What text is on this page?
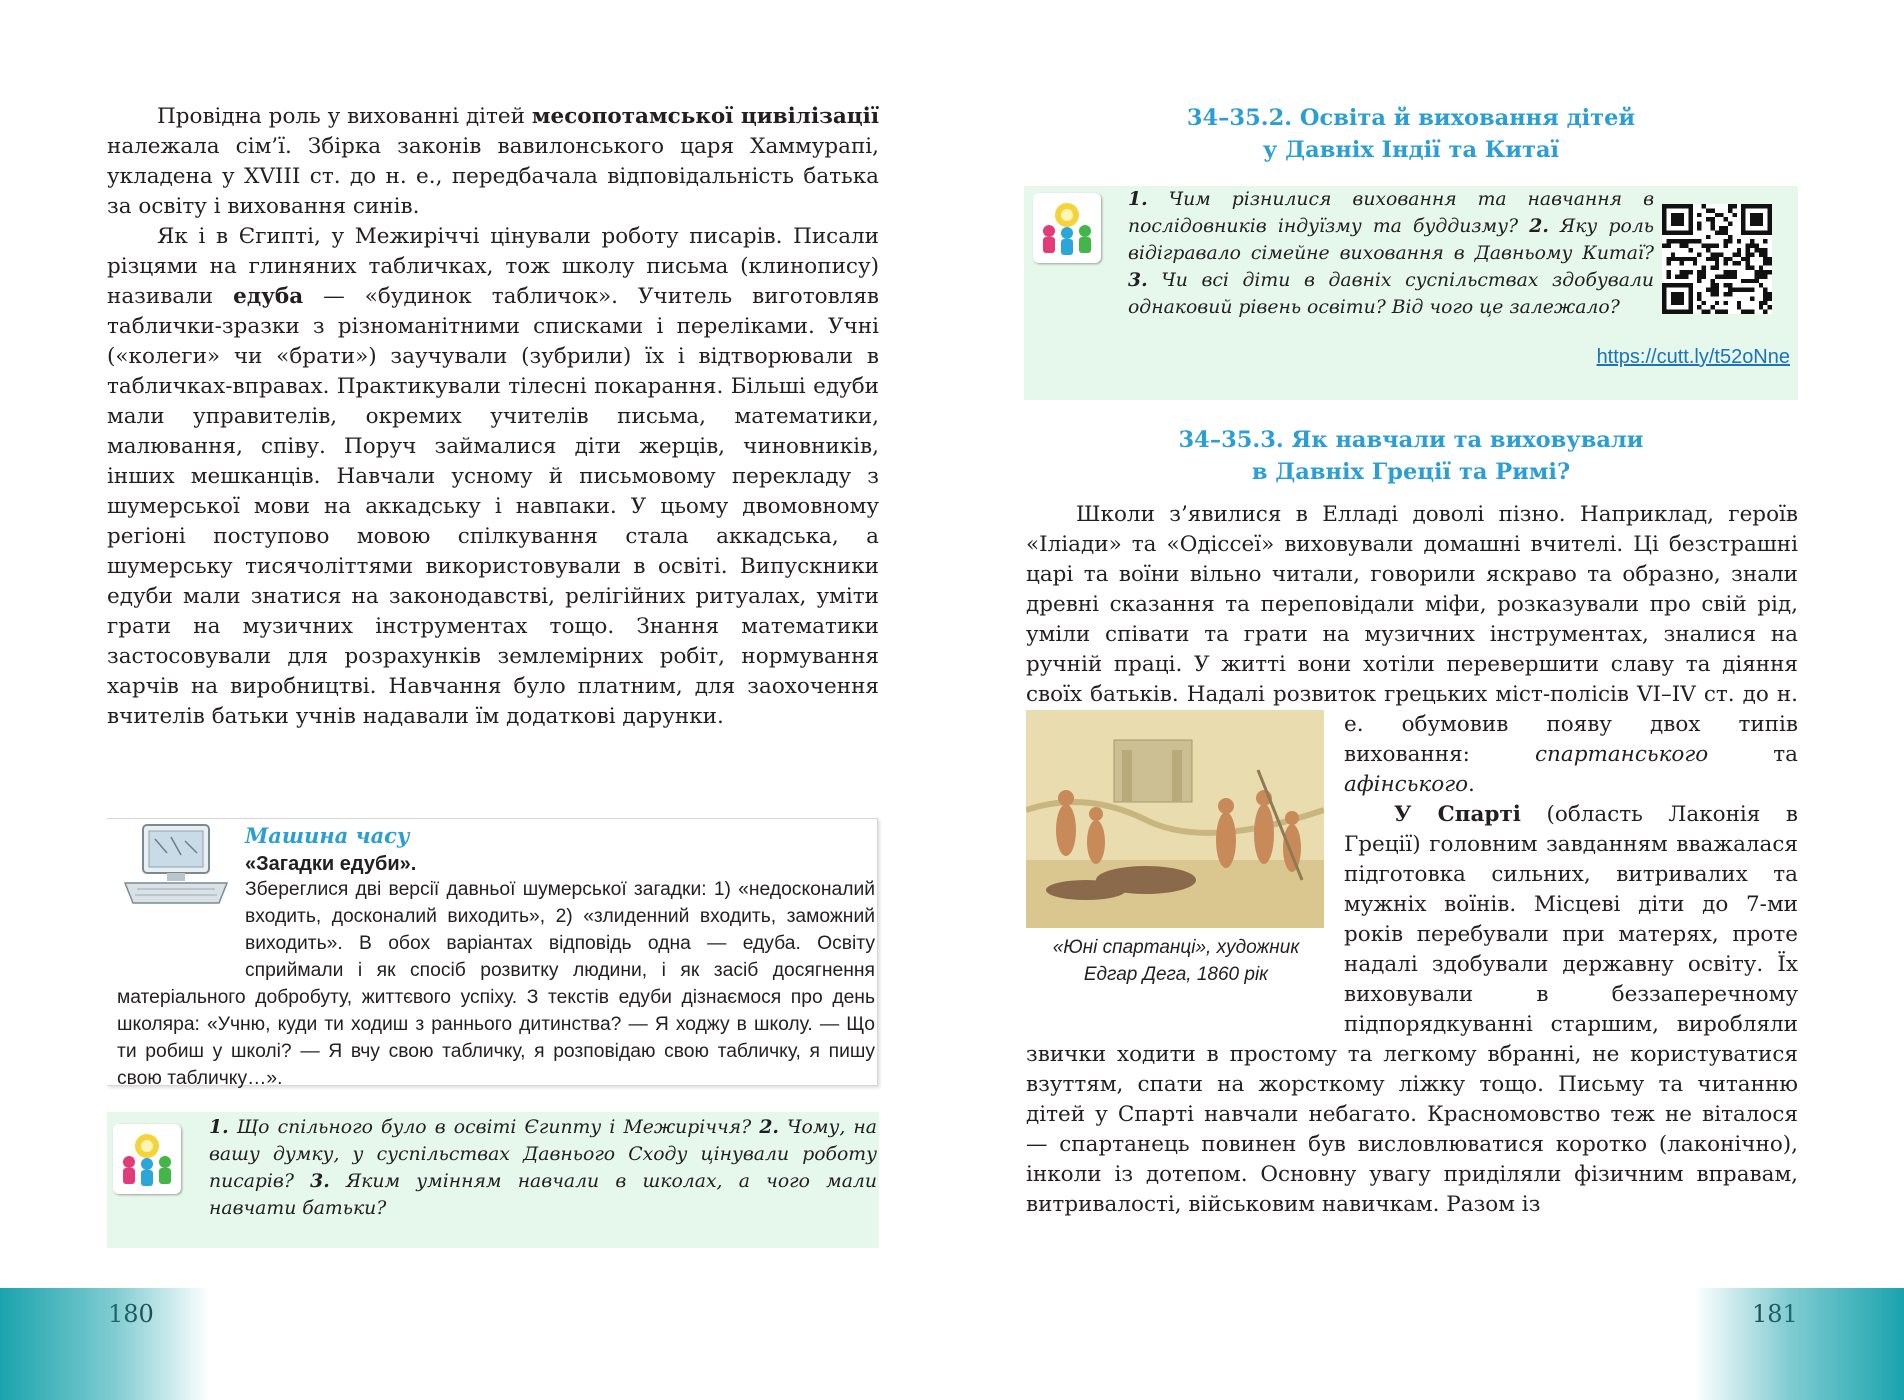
Провідна роль у вихованні дітей месопотамської цивілізації належала сім’ї. Збірка законів вавилонського царя Хаммурапі, укладена у XVIII ст. до н. е., передбачала відповідальність батька за освіту і виховання синів.

Як і в Єгипті, у Межиріччі цінували роботу писарів. Писали різцями на глиняних табличках, тож школу письма (клинопису) називали едуба — «будинок табличок». Учитель виготовляв таблички-зразки з різноманітними списками і переліками. Учні («колеги» чи «брати») заучували (зубрили) їх і відтворювали в табличках-вправах. Практикували тілесні покарання. Більші едуби мали управителів, окремих учителів письма, математики, малювання, співу. Поруч займалися діти жерців, чиновників, інших мешканців. Навчали усному й письмовому перекладу з шумерської мови на аккадську і навпаки. У цьому двомовному регіоні поступово мовою спілкування стала аккадська, а шумерську тисячоліттями використовували в освіті. Випускники едуби мали знатися на законодавстві, релігійних ритуалах, уміти грати на музичних інструментах тощо. Знання математики застосовували для розрахунків землемірних робіт, нормування харчів на виробництві. Навчання було платним, для заохочення вчителів батьки учнів надавали їм додаткові дарунки.

Машина часу
«Загадки едуби».

Збереглися дві версії давньої шумерської загадки: 1) «недосконалий входить, досконалий виходить», 2) «злиденний входить, заможний виходить». В обох варіантах відповідь одна — едуба. Освіту сприймали і як спосіб розвитку людини, і як засіб досягнення матеріального добробуту, життєвого успіху. З текстів едуби дізнаємося про день школяра: «Учню, куди ти ходиш з раннього дитинства? — Я ходжу в школу. — Що ти робиш у школі? — Я вчу свою табличку, я розповідаю свою табличку, я пишу свою табличку…».

1. Що спільного було в освіті Єгипту і Межиріччя? 2. Чому, на вашу думку, у суспільствах Давнього Сходу цінували роботу писарів? 3. Яким умінням навчали в школах, а чого мали навчати батьки?

34–35.2. Освіта й виховання дітей
у Давніх Індії та Китаї

1. Чим різнилися виховання та навчання в послідовників індуїзму та буддизму? 2. Яку роль відігравало сімейне виховання в Давньому Китаї? 3. Чи всі діти в давніх суспільствах здобували однаковий рівень освіти? Від чого це залежало?

https://cutt.ly/t52oNne
34–35.3. Як навчали та виховували
в Давніх Греції та Римі?

Школи з’явилися в Елладі доволі пізно. Наприклад, героїв «Іліади» та «Одіссеї» виховували домашні вчителі. Ці безстрашні царі та воїни вільно читали, говорили яскраво та образно, знали древні сказання та переповідали міфи, розказували про свій рід, уміли співати та грати на музичних інструментах, зналися на ручній праці. У житті вони хотіли перевершити славу та діяння своїх батьків. Надалі розвиток грецьких міст-полісів VI–IV ст. до н. е. обумовив появу двох
«Юні спартанці», художник
Едгар Дега, 1860 рік
типів виховання: спартанського та афінського.

У Спарті (область Лаконія в Греції) головним завданням вважалася підготовка сильних, витривалих та мужніх воїнів. Місцеві діти до 7-ми років перебували при матерях, проте надалі здобували державну освіту. Їх виховували в беззаперечному підпорядкуванні старшим, виробляли звички ходити в простому та легкому вбранні, не користуватися взуттям, спати на жорсткому ліжку тощо. Письму та читанню дітей у Спарті навчали небагато. Красномовство теж не віталося — спартанець повинен був висловлюватися коротко (лаконічно), інколи із дотепом. Основну увагу приділяли фізичним вправам, витривалості, військовим навичкам. Разом із
